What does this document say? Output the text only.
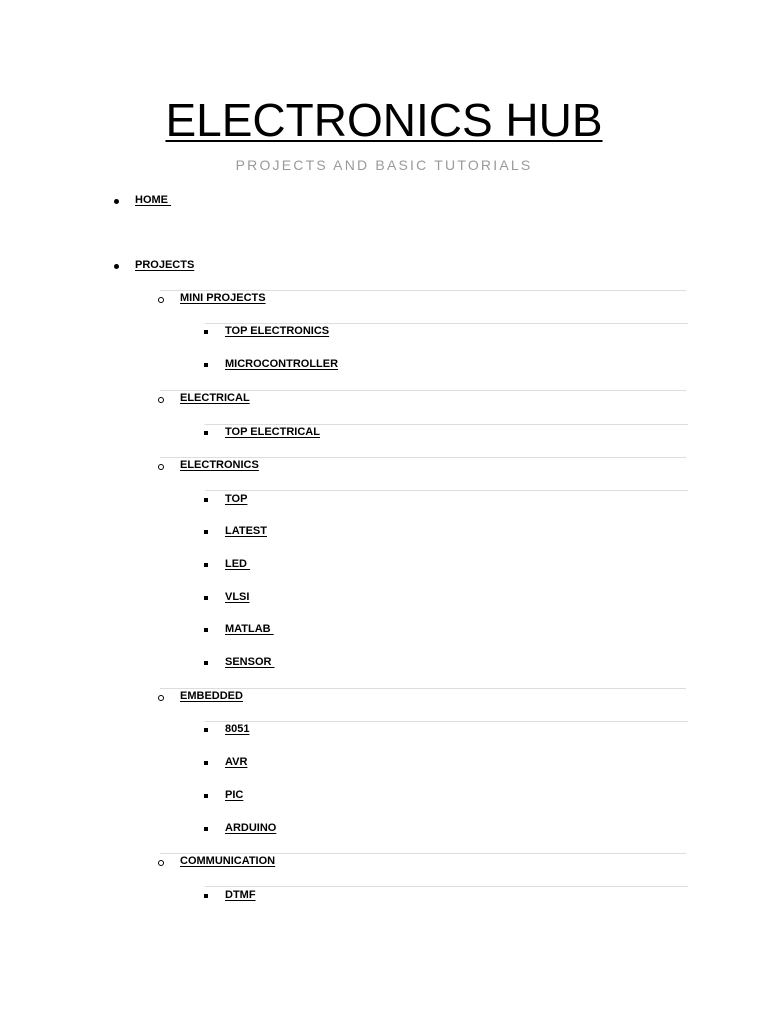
ELECTRONICS HUB
PROJECTS AND BASIC TUTORIALS
HOME
PROJECTS
MINI PROJECTS
TOP ELECTRONICS
MICROCONTROLLER
ELECTRICAL
TOP ELECTRICAL
ELECTRONICS
TOP
LATEST
LED
VLSI
MATLAB
SENSOR
EMBEDDED
8051
AVR
PIC
ARDUINO
COMMUNICATION
DTMF
